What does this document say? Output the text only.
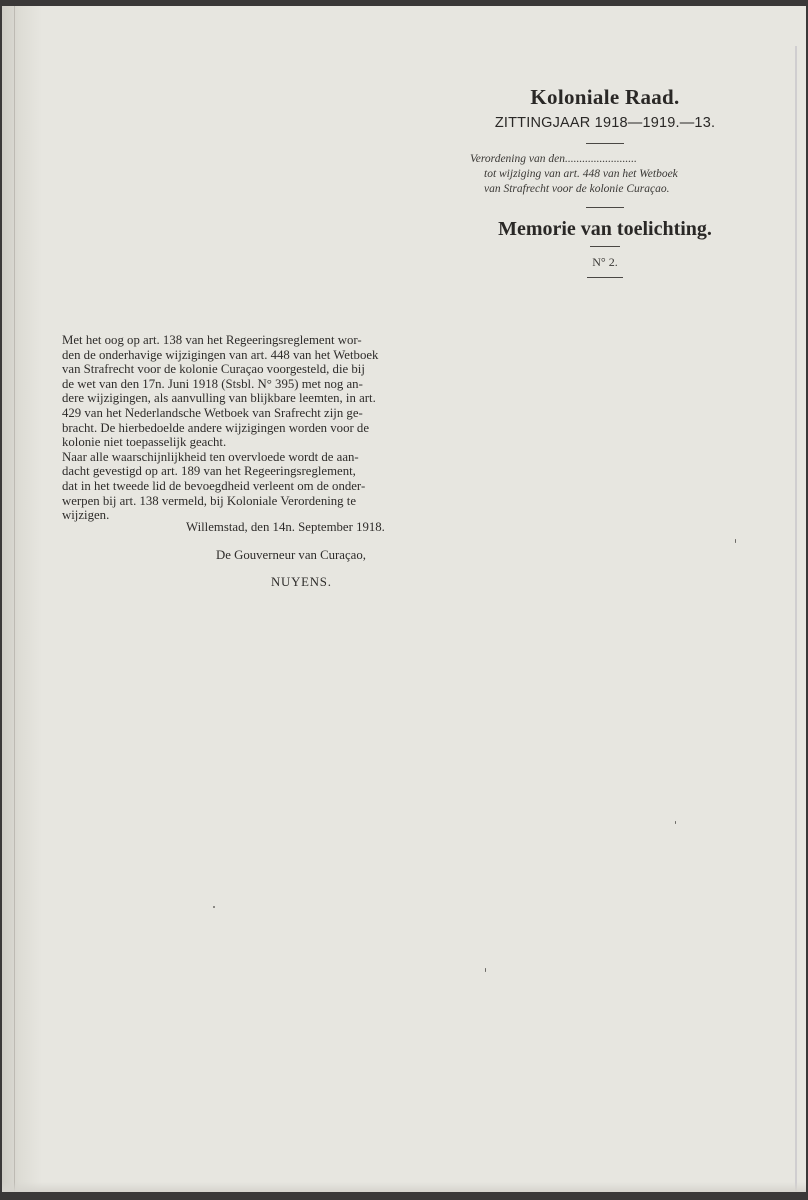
Koloniale Raad.

ZITTINGJAAR 1918—1919.—13.

Verordening van den.........................
tot wijziging van art. 448 van het Wetboek
van Strafrecht voor de kolonie Curaçao.

Memorie van toelichting.

N° 2.

Met het oog op art. 138 van het Regeeringsreglement wor-
den de onderhavige wijzigingen van art. 448 van het Wetboek
van Strafrecht voor de kolonie Curaçao voorgesteld, die bij
de wet van den 17n. Juni 1918 (Stsbl. N° 395) met nog an-
dere wijzigingen, als aanvulling van blijkbare leemten, in art.
429 van het Nederlandsche Wetboek van Srafrecht zijn ge-
bracht. De hierbedoelde andere wijzigingen worden voor de
kolonie niet toepasselijk geacht.

Naar alle waarschijnlijkheid ten overvloede wordt de aan-
dacht gevestigd op art. 189 van het Regeeringsreglement,
dat in het tweede lid de bevoegdheid verleent om de onder-
werpen bij art. 138 vermeld, bij Koloniale Verordening te
wijzigen.

Willemstad, den 14n. September 1918.
De Gouverneur van Curaçao,
NUYENS.
